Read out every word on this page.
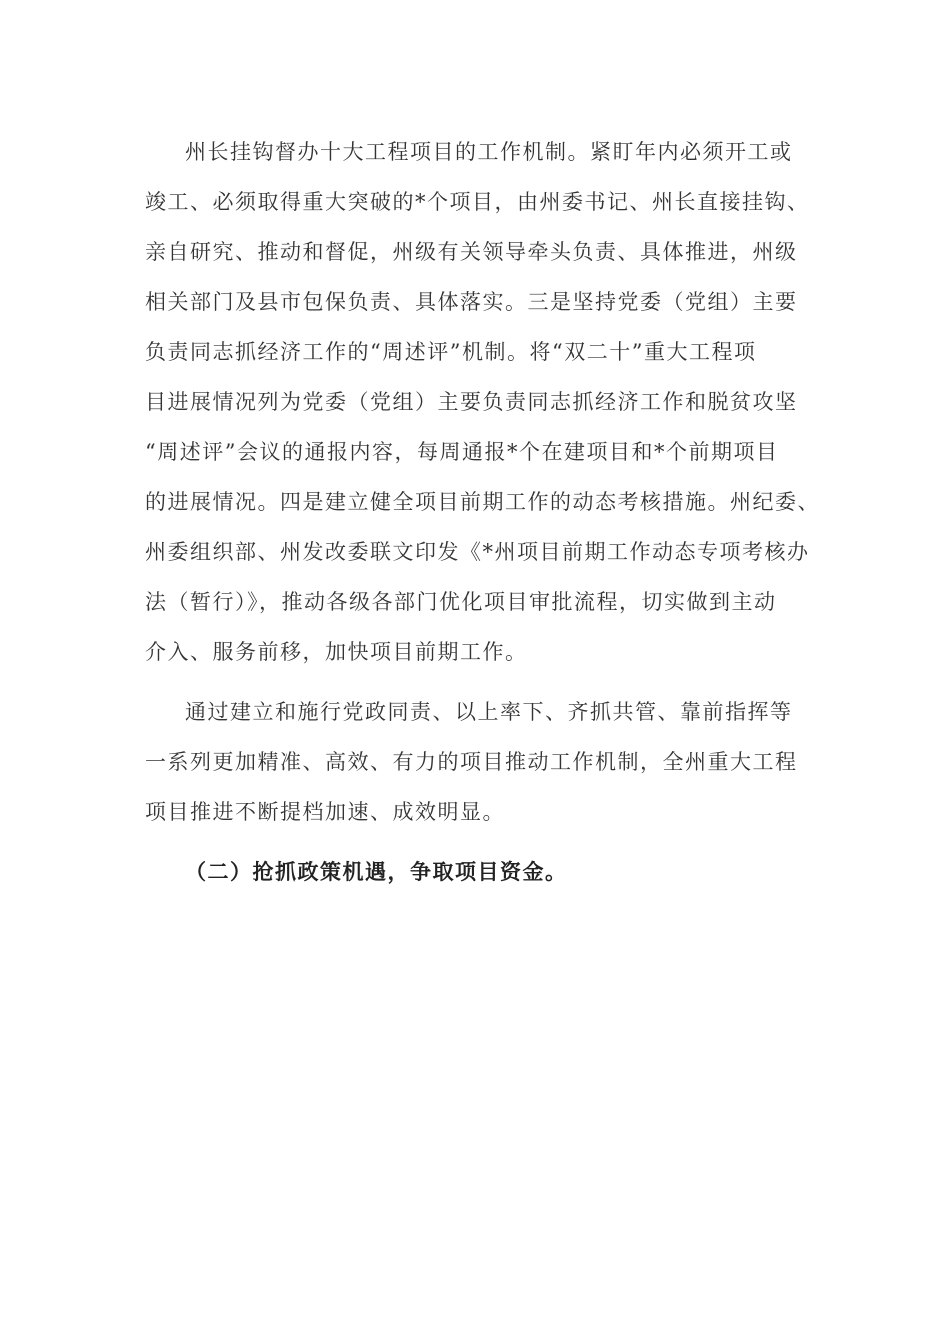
州长挂钩督办十大工程项目的工作机制。紧盯年内必须开工或
竣工、必须取得重大突破的*个项目，由州委书记、州长直接挂钩、
亲自研究、推动和督促，州级有关领导牵头负责、具体推进，州级
相关部门及县市包保负责、具体落实。三是坚持党委（党组）主要
负责同志抓经济工作的“周述评”机制。将“双二十”重大工程项
目进展情况列为党委（党组）主要负责同志抓经济工作和脱贫攻坚
“周述评”会议的通报内容，每周通报*个在建项目和*个前期项目
的进展情况。四是建立健全项目前期工作的动态考核措施。州纪委、
州委组织部、州发改委联文印发《*州项目前期工作动态专项考核办
法（暂行）》，推动各级各部门优化项目审批流程，切实做到主动
介入、服务前移，加快项目前期工作。
通过建立和施行党政同责、以上率下、齐抓共管、靠前指挥等
一系列更加精准、高效、有力的项目推动工作机制，全州重大工程
项目推进不断提档加速、成效明显。
（二）抢抓政策机遇，争取项目资金。
